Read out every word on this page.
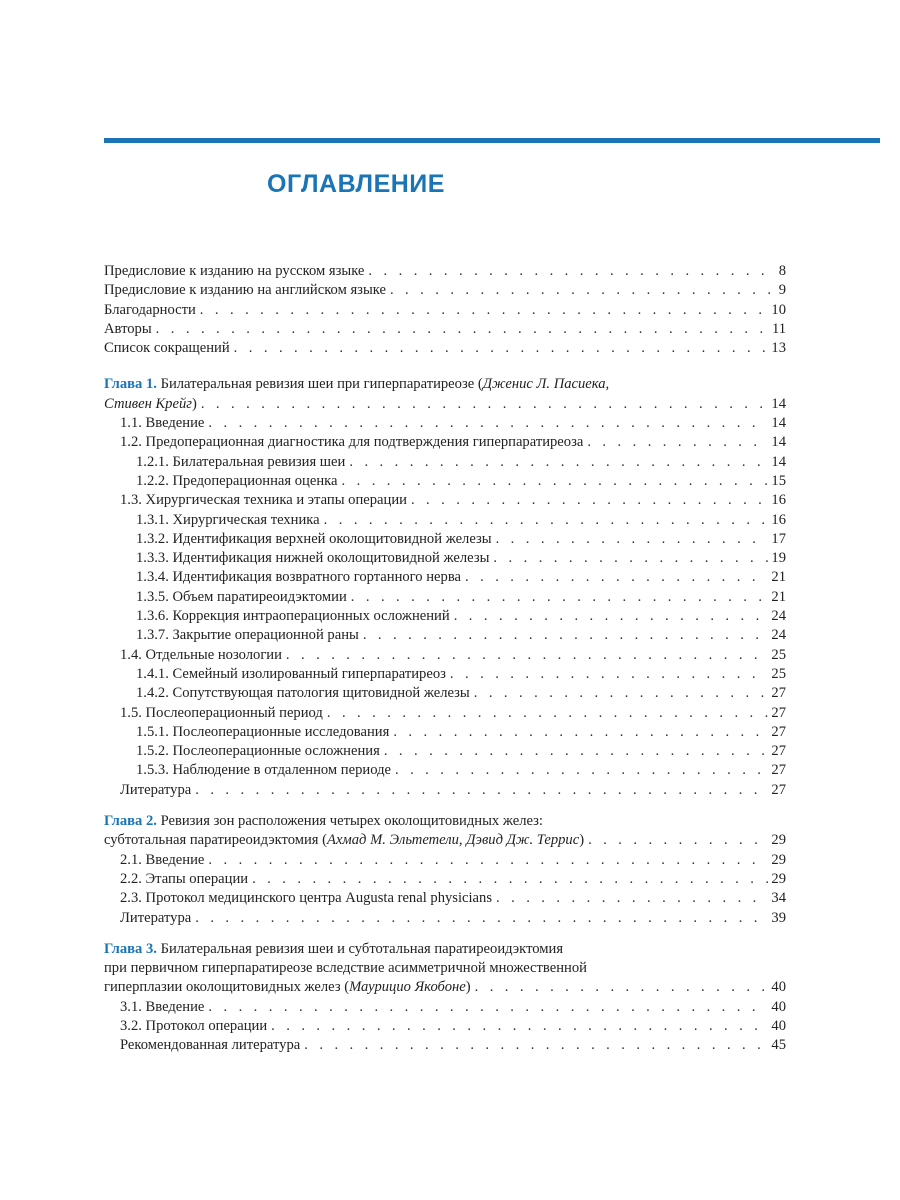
ОГЛАВЛЕНИЕ
Предисловие к изданию на русском языке . . .	8
Предисловие к изданию на английском языке . . .	9
Благодарности . . .	10
Авторы . . .	11
Список сокращений . . .	13
Глава 1. Билатеральная ревизия шеи при гиперпаратиреозе (Дженис Л. Пасиека,
Стивен Крейг) . . .	14
1.1. Введение . . .	14
1.2. Предоперационная диагностика для подтверждения гиперпаратиреоза . . .	14
1.2.1. Билатеральная ревизия шеи . . .	14
1.2.2. Предоперационная оценка . . .	15
1.3. Хирургическая техника и этапы операции . . .	16
1.3.1. Хирургическая техника . . .	16
1.3.2. Идентификация верхней околощитовидной железы . . .	17
1.3.3. Идентификация нижней околощитовидной железы . . .	19
1.3.4. Идентификация возвратного гортанного нерва . . .	21
1.3.5. Объем паратиреоидэктомии . . .	21
1.3.6. Коррекция интраоперационных осложнений . . .	24
1.3.7. Закрытие операционной раны . . .	24
1.4. Отдельные нозологии . . .	25
1.4.1. Семейный изолированный гиперпаратиреоз . . .	25
1.4.2. Сопутствующая патология щитовидной железы . . .	27
1.5. Послеоперационный период . . .	27
1.5.1. Послеоперационные исследования . . .	27
1.5.2. Послеоперационные осложнения . . .	27
1.5.3. Наблюдение в отдаленном периоде . . .	27
Литература . . .	27
Глава 2. Ревизия зон расположения четырех околощитовидных желез:
субтотальная паратиреоидэктомия (Ахмад М. Эльтетели, Дэвид Дж. Террис) . . .	29
2.1. Введение . . .	29
2.2. Этапы операции . . .	29
2.3. Протокол медицинского центра Augusta renal physicians . . .	34
Литература . . .	39
Глава 3. Билатеральная ревизия шеи и субтотальная паратиреоидэктомия
при первичном гиперпаратиреозе вследствие асимметричной множественной
гиперплазии околощитовидных желез (Маурицио Якобоне) . . .	40
3.1. Введение . . .	40
3.2. Протокол операции . . .	40
Рекомендованная литература . . .	45
